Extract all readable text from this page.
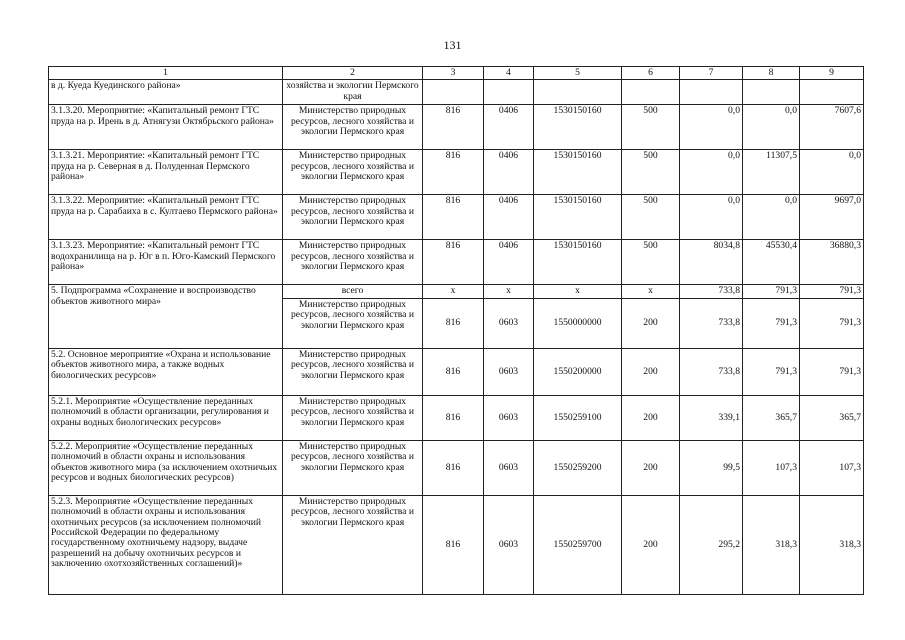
131
1	2	3	4	5	6	7	8	9
в д. Куеда Куединского района»	хозяйства и экологии Пермского края							
3.1.3.20. Мероприятие: «Капитальный ремонт ГТС пруда на р. Ирень в д. Атнягузи Октябрьского района»	Министерство природных ресурсов, лесного хозяйства и экологии Пермского края	816	0406	1530150160	500	0,0	0,0	7607,6
3.1.3.21. Мероприятие: «Капитальный ремонт ГТС пруда на р. Северная в д. Полуденная Пермского района»	Министерство природных ресурсов, лесного хозяйства и экологии Пермского края	816	0406	1530150160	500	0,0	11307,5	0,0
3.1.3.22. Мероприятие: «Капитальный ремонт ГТС пруда на р. Сарабаиха в с. Култаево Пермского района»	Министерство природных ресурсов, лесного хозяйства и экологии Пермского края	816	0406	1530150160	500	0,0	0,0	9697,0
3.1.3.23. Мероприятие: «Капитальный ремонт ГТС водохранилища на р. Юг в п. Юго-Камский Пермского района»	Министерство природных ресурсов, лесного хозяйства и экологии Пермского края	816	0406	1530150160	500	8034,8	45530,4	36880,3
5. Подпрограмма «Сохранение и воспроизводство объектов животного мира»	всего	х	х	х	х	733,8	791,3	791,3
	Министерство природных ресурсов, лесного хозяйства и экологии Пермского края	816	0603	1550000000	200	733,8	791,3	791,3
5.2. Основное мероприятие «Охрана и использование объектов животного мира, а также водных биологических ресурсов»	Министерство природных ресурсов, лесного хозяйства и экологии Пермского края	816	0603	1550200000	200	733,8	791,3	791,3
5.2.1. Мероприятие «Осуществление переданных полномочий в области организации, регулирования и охраны водных биологических ресурсов»	Министерство природных ресурсов, лесного хозяйства и экологии Пермского края	816	0603	1550259100	200	339,1	365,7	365,7
5.2.2. Мероприятие «Осуществление переданных полномочий в области охраны и использования объектов животного мира (за исключением охотничьих ресурсов и водных биологических ресурсов)	Министерство природных ресурсов, лесного хозяйства и экологии Пермского края	816	0603	1550259200	200	99,5	107,3	107,3
5.2.3. Мероприятие «Осуществление переданных полномочий в области охраны и использования охотничьих ресурсов (за исключением полномочий Российской Федерации по федеральному государственному охотничьему надзору, выдаче разрешений на добычу охотничьих ресурсов и заключению охотхозяйственных соглашений)»	Министерство природных ресурсов, лесного хозяйства и экологии Пермского края	816	0603	1550259700	200	295,2	318,3	318,3
